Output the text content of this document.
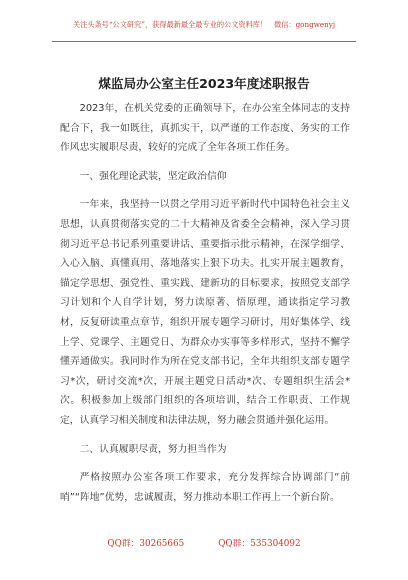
关注头条号“公文研究”，获得最新最全最专业的公文资料库！ 微信：gongwenyj
煤监局办公室主任2023年度述职报告

2023年，在机关党委的正确领导下，在办公室全体同志的支持配合下，我一如既往，真抓实干，以严谨的工作态度、务实的工作作风忠实履职尽责，较好的完成了全年各项工作任务。

一、强化理论武装，坚定政治信仰

一年来，我坚持一以贯之学用习近平新时代中国特色社会主义思想，认真贯彻落实党的二十大精神及省委全会精神，深入学习贯彻习近平总书记系列重要讲话、重要指示批示精神，在深学细学、入心入脑、真懂真用、落地落实上狠下功夫。扎实开展主题教育，锚定学思想、强党性、重实践、建新功的目标要求，按照党支部学习计划和个人自学计划，努力读原著、悟原理，通读指定学习教材，反复研读重点章节，组织开展专题学习研讨，用好集体学、线上学、党课学、主题党日、为群众办实事等多样形式，坚持不懈学懂弄通做实。我同时作为所在党支部书记，全年共组织支部专题学习*次，研讨交流*次，开展主题党日活动*次、专题组织生活会*次。积极参加上级部门组织的各项培训，结合工作职责、工作规定，认真学习相关制度和法律法规，努力融会贯通并强化运用。

二、认真履职尽责，努力担当作为

严格按照办公室各项工作要求，充分发挥综合协调部门“前哨”“阵地”优势，忠诚履责，努力推动本职工作再上一个新台阶。

QQ群：30265665	QQ群：535304092
